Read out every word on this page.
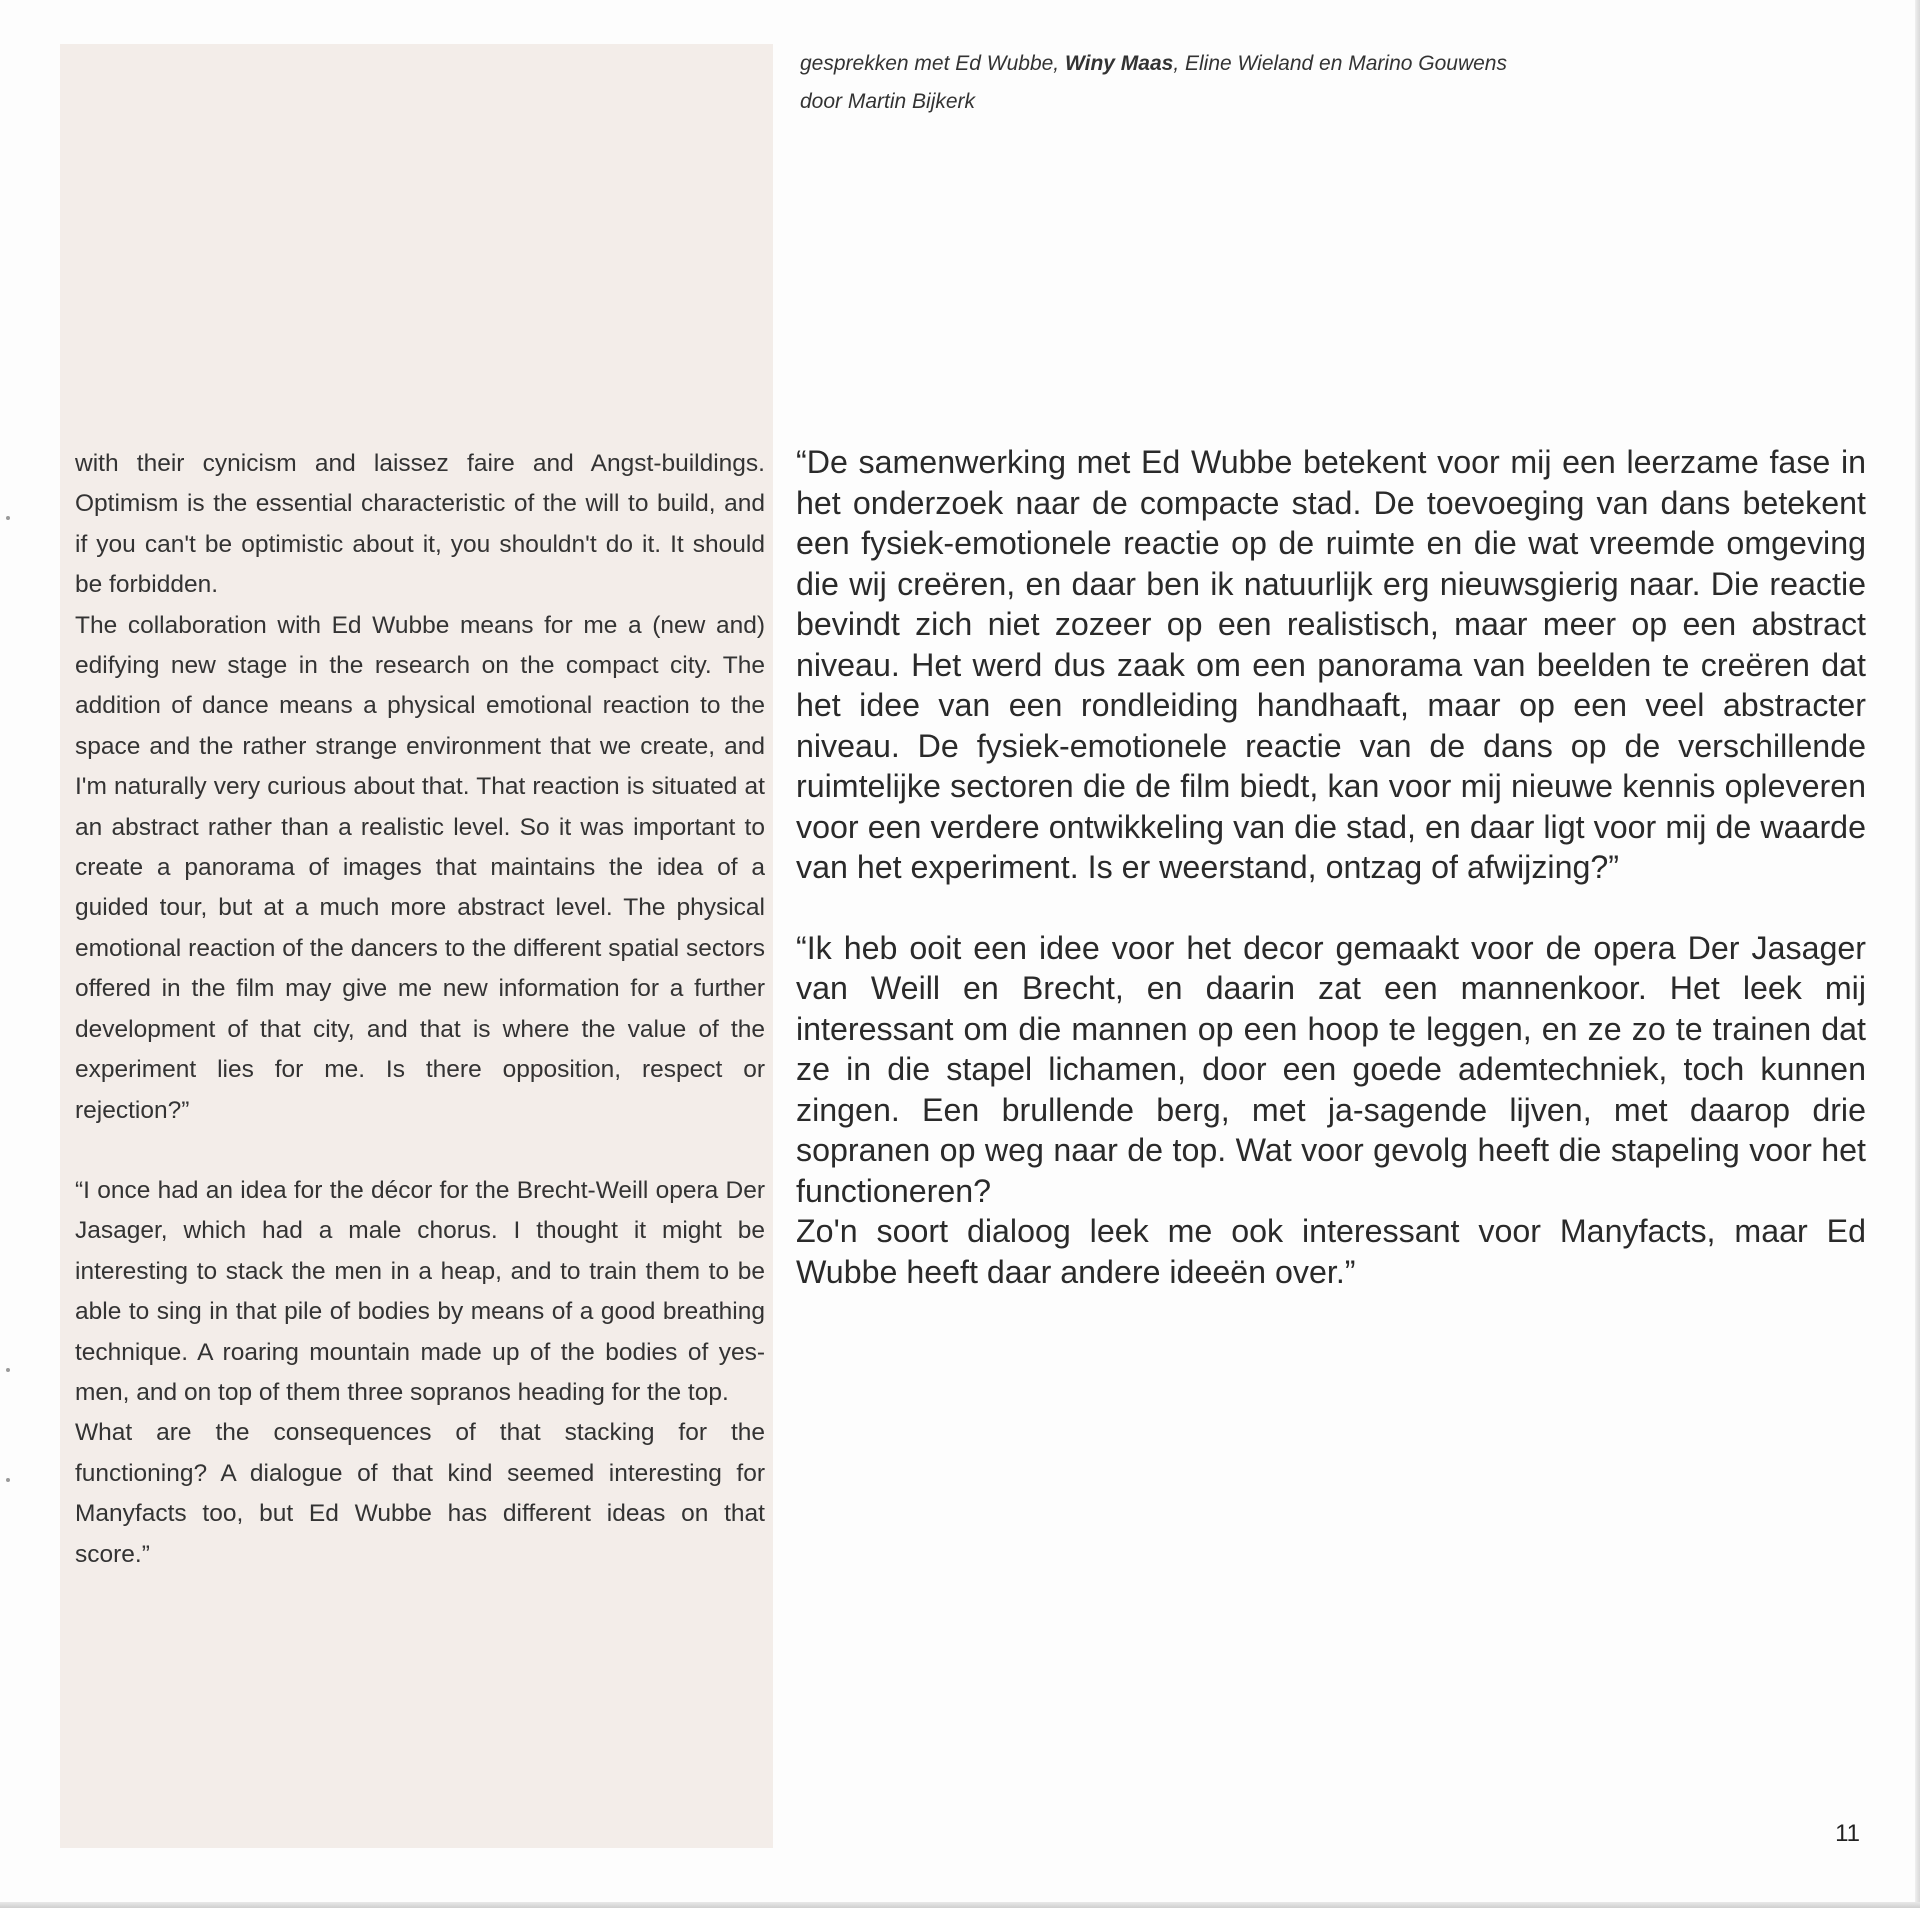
gesprekken met Ed Wubbe, Winy Maas, Eline Wieland en Marino Gouwens
door Martin Bijkerk

with their cynicism and laissez faire and Angst-buildings. Optimism is the essential characteristic of the will to build, and if you can't be optimistic about it, you shouldn't do it. It should be forbidden.

The collaboration with Ed Wubbe means for me a (new and) edifying new stage in the research on the compact city. The addition of dance means a physical emotional reaction to the space and the rather strange environment that we create, and I'm naturally very curious about that. That reaction is situated at an abstract rather than a realistic level. So it was important to create a panorama of images that maintains the idea of a guided tour, but at a much more abstract level. The physical emotional reaction of the dancers to the different spatial sectors offered in the film may give me new information for a further development of that city, and that is where the value of the experiment lies for me. Is there opposition, respect or rejection?”

“I once had an idea for the décor for the Brecht-Weill opera Der Jasager, which had a male chorus. I thought it might be interesting to stack the men in a heap, and to train them to be able to sing in that pile of bodies by means of a good breathing technique. A roaring mountain made up of the bodies of yes-men, and on top of them three sopranos heading for the top.

What are the consequences of that stacking for the functioning? A dialogue of that kind seemed interesting for Manyfacts too, but Ed Wubbe has different ideas on that score.”

“De samenwerking met Ed Wubbe betekent voor mij een leerzame fase in het onderzoek naar de compacte stad. De toevoeging van dans betekent een fysiek-emotionele reactie op de ruimte en die wat vreemde omgeving die wij creëren, en daar ben ik natuurlijk erg nieuwsgierig naar. Die reactie bevindt zich niet zozeer op een realistisch, maar meer op een abstract niveau. Het werd dus zaak om een panorama van beelden te creëren dat het idee van een rondleiding handhaaft, maar op een veel abstracter niveau. De fysiek-emotionele reactie van de dans op de verschillende ruimtelijke sectoren die de film biedt, kan voor mij nieuwe kennis opleveren voor een verdere ontwikkeling van die stad, en daar ligt voor mij de waarde van het experiment. Is er weerstand, ontzag of afwijzing?”

“Ik heb ooit een idee voor het decor gemaakt voor de opera Der Jasager van Weill en Brecht, en daarin zat een mannenkoor. Het leek mij interessant om die mannen op een hoop te leggen, en ze zo te trainen dat ze in die stapel lichamen, door een goede ademtechniek, toch kunnen zingen. Een brullende berg, met ja-sagende lijven, met daarop drie sopranen op weg naar de top. Wat voor gevolg heeft die stapeling voor het functioneren?

Zo'n soort dialoog leek me ook interessant voor Manyfacts, maar Ed Wubbe heeft daar andere ideeën over.”

11
